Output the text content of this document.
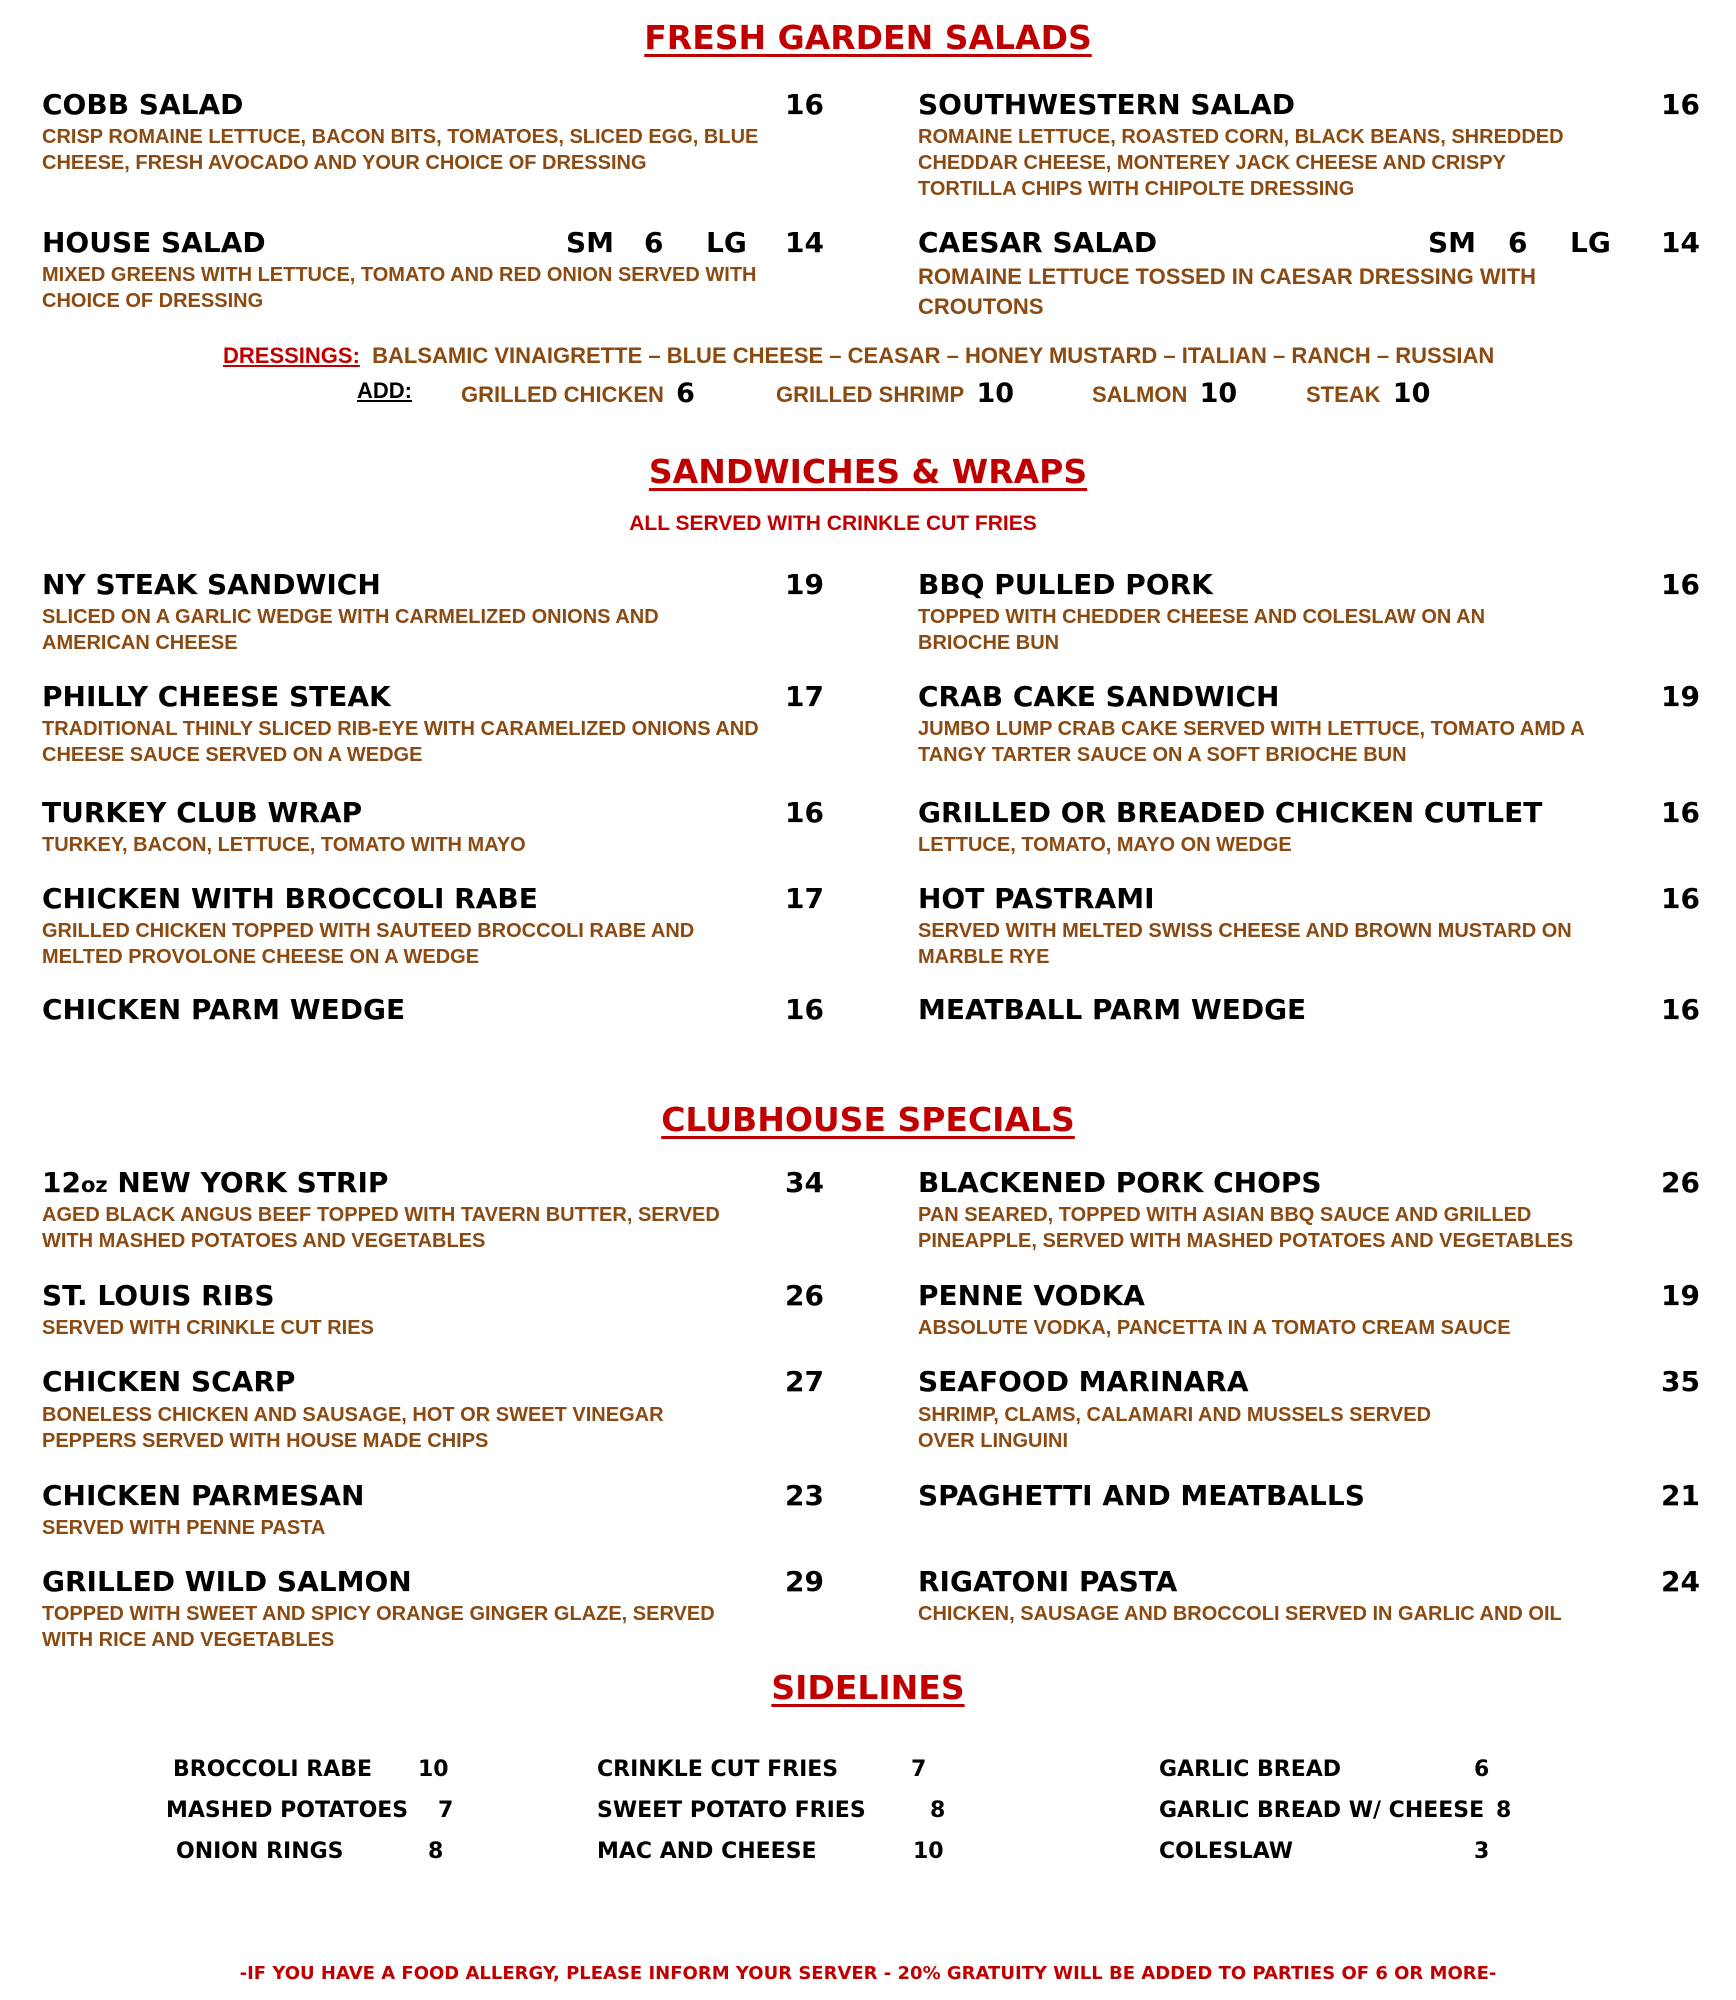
FRESH GARDEN SALADS
COBB SALAD	16
CRISP ROMAINE LETTUCE, BACON BITS, TOMATOES, SLICED EGG, BLUE CHEESE, FRESH AVOCADO AND YOUR CHOICE OF DRESSING
SOUTHWESTERN SALAD	16
ROMAINE LETTUCE, ROASTED CORN, BLACK BEANS, SHREDDED CHEDDAR CHEESE, MONTEREY JACK CHEESE AND CRISPY TORTILLA CHIPS WITH CHIPOLTE DRESSING
HOUSE SALAD	SM 6 LG	14
MIXED GREENS WITH LETTUCE, TOMATO AND RED ONION SERVED WITH CHOICE OF DRESSING
CAESAR SALAD	SM 6 LG	14
ROMAINE LETTUCE TOSSED IN CAESAR DRESSING WITH CROUTONS
DRESSINGS: BALSAMIC VINAIGRETTE – BLUE CHEESE – CEASAR – HONEY MUSTARD – ITALIAN – RANCH – RUSSIAN
ADD: GRILLED CHICKEN 6	GRILLED SHRIMP 10	SALMON 10	STEAK 10
SANDWICHES & WRAPS
ALL SERVED WITH CRINKLE CUT FRIES
NY STEAK SANDWICH	19
SLICED ON A GARLIC WEDGE WITH CARMELIZED ONIONS AND AMERICAN CHEESE
PHILLY CHEESE STEAK	17
TRADITIONAL THINLY SLICED RIB-EYE WITH CARAMELIZED ONIONS AND CHEESE SAUCE SERVED ON A WEDGE
TURKEY CLUB WRAP	16
TURKEY, BACON, LETTUCE, TOMATO WITH MAYO
CHICKEN WITH BROCCOLI RABE	17
GRILLED CHICKEN TOPPED WITH SAUTEED BROCCOLI RABE AND MELTED PROVOLONE CHEESE ON A WEDGE
CHICKEN PARM WEDGE	16
BBQ PULLED PORK	16
TOPPED WITH CHEDDER CHEESE AND COLESLAW ON AN BRIOCHE BUN
CRAB CAKE SANDWICH	19
JUMBO LUMP CRAB CAKE SERVED WITH LETTUCE, TOMATO AMD A TANGY TARTER SAUCE ON A SOFT BRIOCHE BUN
GRILLED OR BREADED CHICKEN CUTLET	16
LETTUCE, TOMATO, MAYO ON WEDGE
HOT PASTRAMI	16
SERVED WITH MELTED SWISS CHEESE AND BROWN MUSTARD ON MARBLE RYE
MEATBALL PARM WEDGE	16
CLUBHOUSE SPECIALS
12oz NEW YORK STRIP	34
AGED BLACK ANGUS BEEF TOPPED WITH TAVERN BUTTER, SERVED WITH MASHED POTATOES AND VEGETABLES
ST. LOUIS RIBS	26
SERVED WITH CRINKLE CUT RIES
CHICKEN SCARP	27
BONELESS CHICKEN AND SAUSAGE, HOT OR SWEET VINEGAR PEPPERS SERVED WITH HOUSE MADE CHIPS
CHICKEN PARMESAN	23
SERVED WITH PENNE PASTA
GRILLED WILD SALMON	29
TOPPED WITH SWEET AND SPICY ORANGE GINGER GLAZE, SERVED WITH RICE AND VEGETABLES
BLACKENED PORK CHOPS	26
PAN SEARED, TOPPED WITH ASIAN BBQ SAUCE AND GRILLED PINEAPPLE, SERVED WITH MASHED POTATOES AND VEGETABLES
PENNE VODKA	19
ABSOLUTE VODKA, PANCETTA IN A TOMATO CREAM SAUCE
SEAFOOD MARINARA	35
SHRIMP, CLAMS, CALAMARI AND MUSSELS SERVED OVER LINGUINI
SPAGHETTI AND MEATBALLS	21
RIGATONI PASTA	24
CHICKEN, SAUSAGE AND BROCCOLI SERVED IN GARLIC AND OIL
SIDELINES
BROCCOLI RABE 10
MASHED POTATOES 7
ONION RINGS	8
CRINKLE CUT FRIES	7
SWEET POTATO FRIES	8
MAC AND CHEESE	10
GARLIC BREAD	6
GARLIC BREAD W/ CHEESE 8
COLESLAW	3
-IF YOU HAVE A FOOD ALLERGY, PLEASE INFORM YOUR SERVER - 20% GRATUITY WILL BE ADDED TO PARTIES OF 6 OR MORE-
